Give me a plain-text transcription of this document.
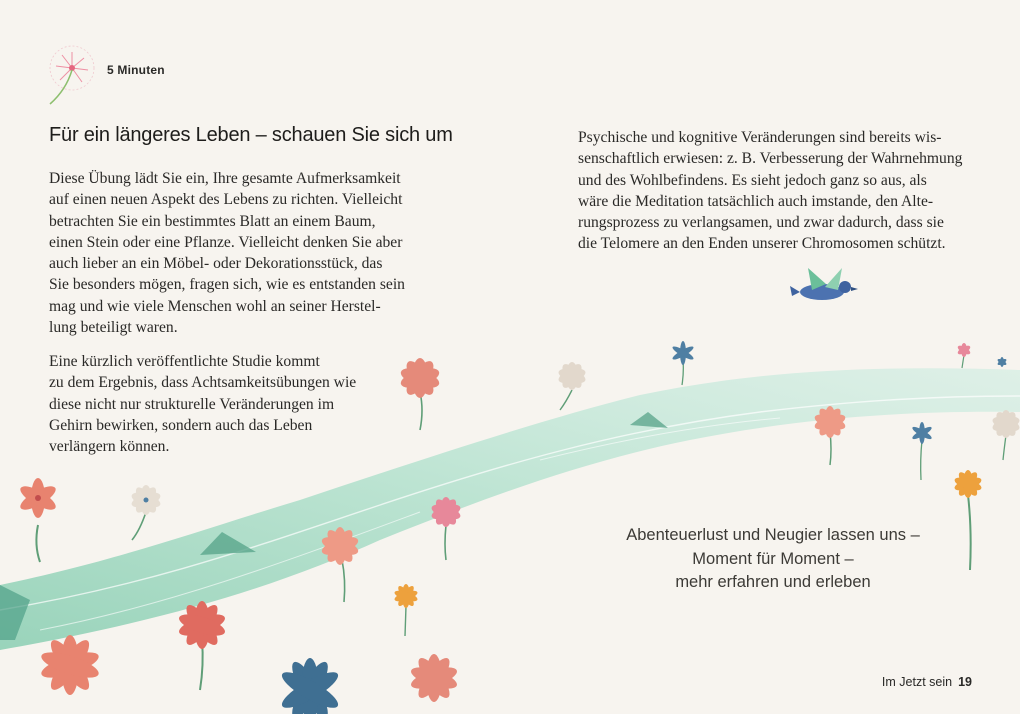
5 Minuten
Für ein längeres Leben – schauen Sie sich um
Diese Übung lädt Sie ein, Ihre gesamte Aufmerksamkeit
auf einen neuen Aspekt des Lebens zu richten. Vielleicht
betrachten Sie ein bestimmtes Blatt an einem Baum,
einen Stein oder eine Pflanze. Vielleicht denken Sie aber
auch lieber an ein Möbel- oder Dekorationsstück, das
Sie besonders mögen, fragen sich, wie es entstanden sein
mag und wie viele Menschen wohl an seiner Herstel-
lung beteiligt waren.
Eine kürzlich veröffentlichte Studie kommt
zu dem Ergebnis, dass Achtsamkeitsübungen wie
diese nicht nur strukturelle Veränderungen im
Gehirn bewirken, sondern auch das Leben
verlängern können.
Psychische und kognitive Veränderungen sind bereits wis-
senschaftlich erwiesen: z. B. Verbesserung der Wahrnehmung
und des Wohlbefindens. Es sieht jedoch ganz so aus, als
wäre die Meditation tatsächlich auch imstande, den Alte-
rungsprozess zu verlangsamen, und zwar dadurch, dass sie
die Telomere an den Enden unserer Chromosomen schützt.
Abenteuerlust und Neugier lassen uns –
Moment für Moment –
mehr erfahren und erleben
Im Jetzt sein 19
